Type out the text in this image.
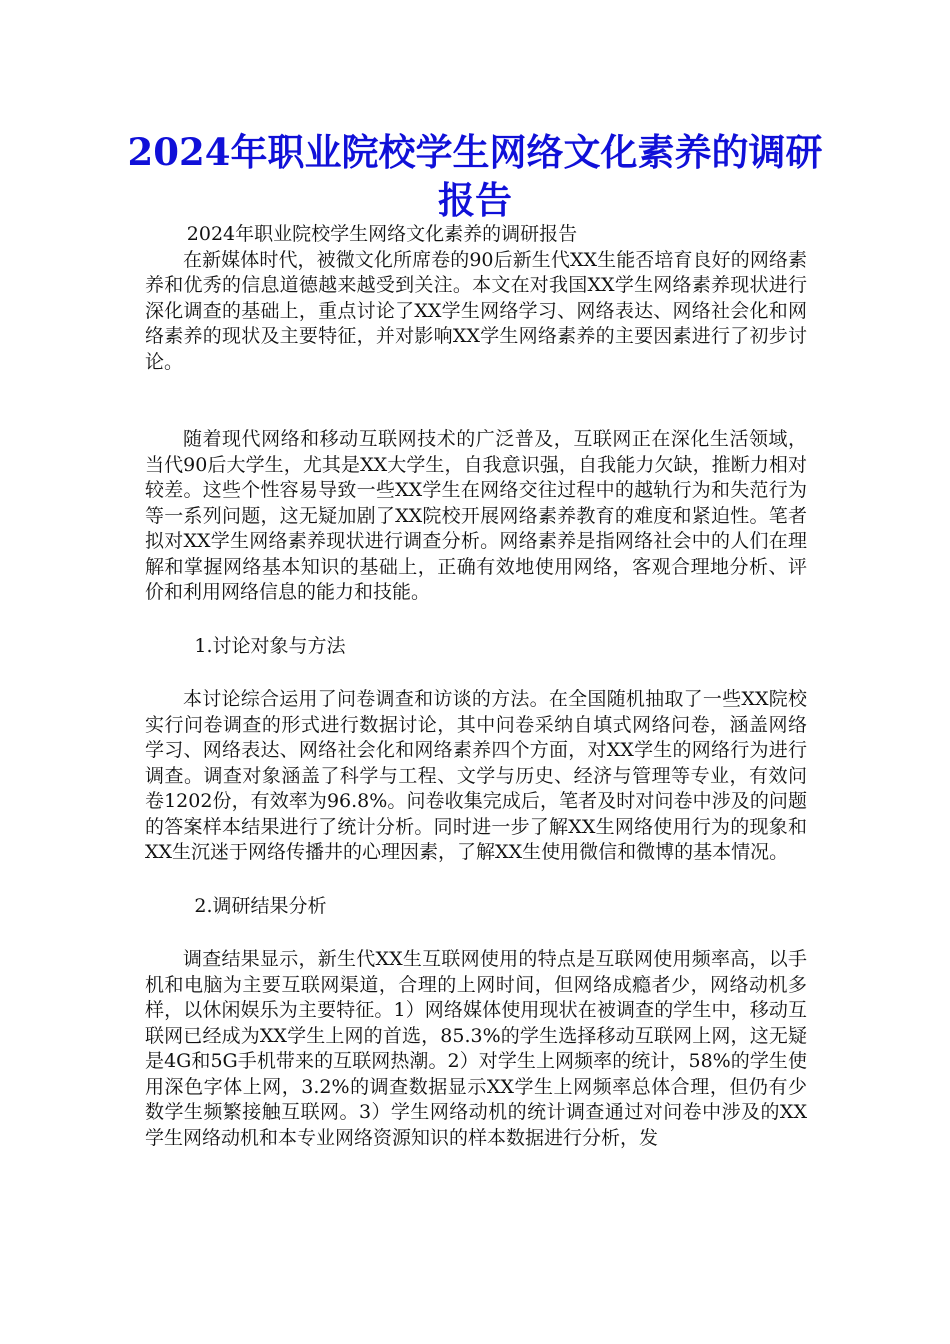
2024年职业院校学生网络文化素养的调研报告

2024年职业院校学生网络文化素养的调研报告

在新媒体时代，被微文化所席卷的90后新生代XX生能否培育良好的网络素养和优秀的信息道德越来越受到关注。本文在对我国XX学生网络素养现状进行深化调查的基础上，重点讨论了XX学生网络学习、网络表达、网络社会化和网络素养的现状及主要特征，并对影响XX学生网络素养的主要因素进行了初步讨论。

随着现代网络和移动互联网技术的广泛普及，互联网正在深化生活领域，当代90后大学生，尤其是XX大学生，自我意识强，自我能力欠缺，推断力相对较差。这些个性容易导致一些XX学生在网络交往过程中的越轨行为和失范行为等一系列问题，这无疑加剧了XX院校开展网络素养教育的难度和紧迫性。笔者拟对XX学生网络素养现状进行调查分析。网络素养是指网络社会中的人们在理解和掌握网络基本知识的基础上，正确有效地使用网络，客观合理地分析、评价和利用网络信息的能力和技能。

1.讨论对象与方法

本讨论综合运用了问卷调查和访谈的方法。在全国随机抽取了一些XX院校实行问卷调查的形式进行数据讨论，其中问卷采纳自填式网络问卷，涵盖网络学习、网络表达、网络社会化和网络素养四个方面，对XX学生的网络行为进行调查。调查对象涵盖了科学与工程、文学与历史、经济与管理等专业，有效问卷1202份，有效率为96.8%。问卷收集完成后，笔者及时对问卷中涉及的问题的答案样本结果进行了统计分析。同时进一步了解XX生网络使用行为的现象和XX生沉迷于网络传播井的心理因素，了解XX生使用微信和微博的基本情况。

2.调研结果分析

调查结果显示，新生代XX生互联网使用的特点是互联网使用频率高，以手机和电脑为主要互联网渠道，合理的上网时间，但网络成瘾者少，网络动机多样，以休闲娱乐为主要特征。1）网络媒体使用现状在被调查的学生中，移动互联网已经成为XX学生上网的首选，85.3%的学生选择移动互联网上网，这无疑是4G和5G手机带来的互联网热潮。2）对学生上网频率的统计，58%的学生使用深色字体上网，3.2%的调查数据显示XX学生上网频率总体合理，但仍有少数学生频繁接触互联网。3）学生网络动机的统计调查通过对问卷中涉及的XX学生网络动机和本专业网络资源知识的样本数据进行分析，发
